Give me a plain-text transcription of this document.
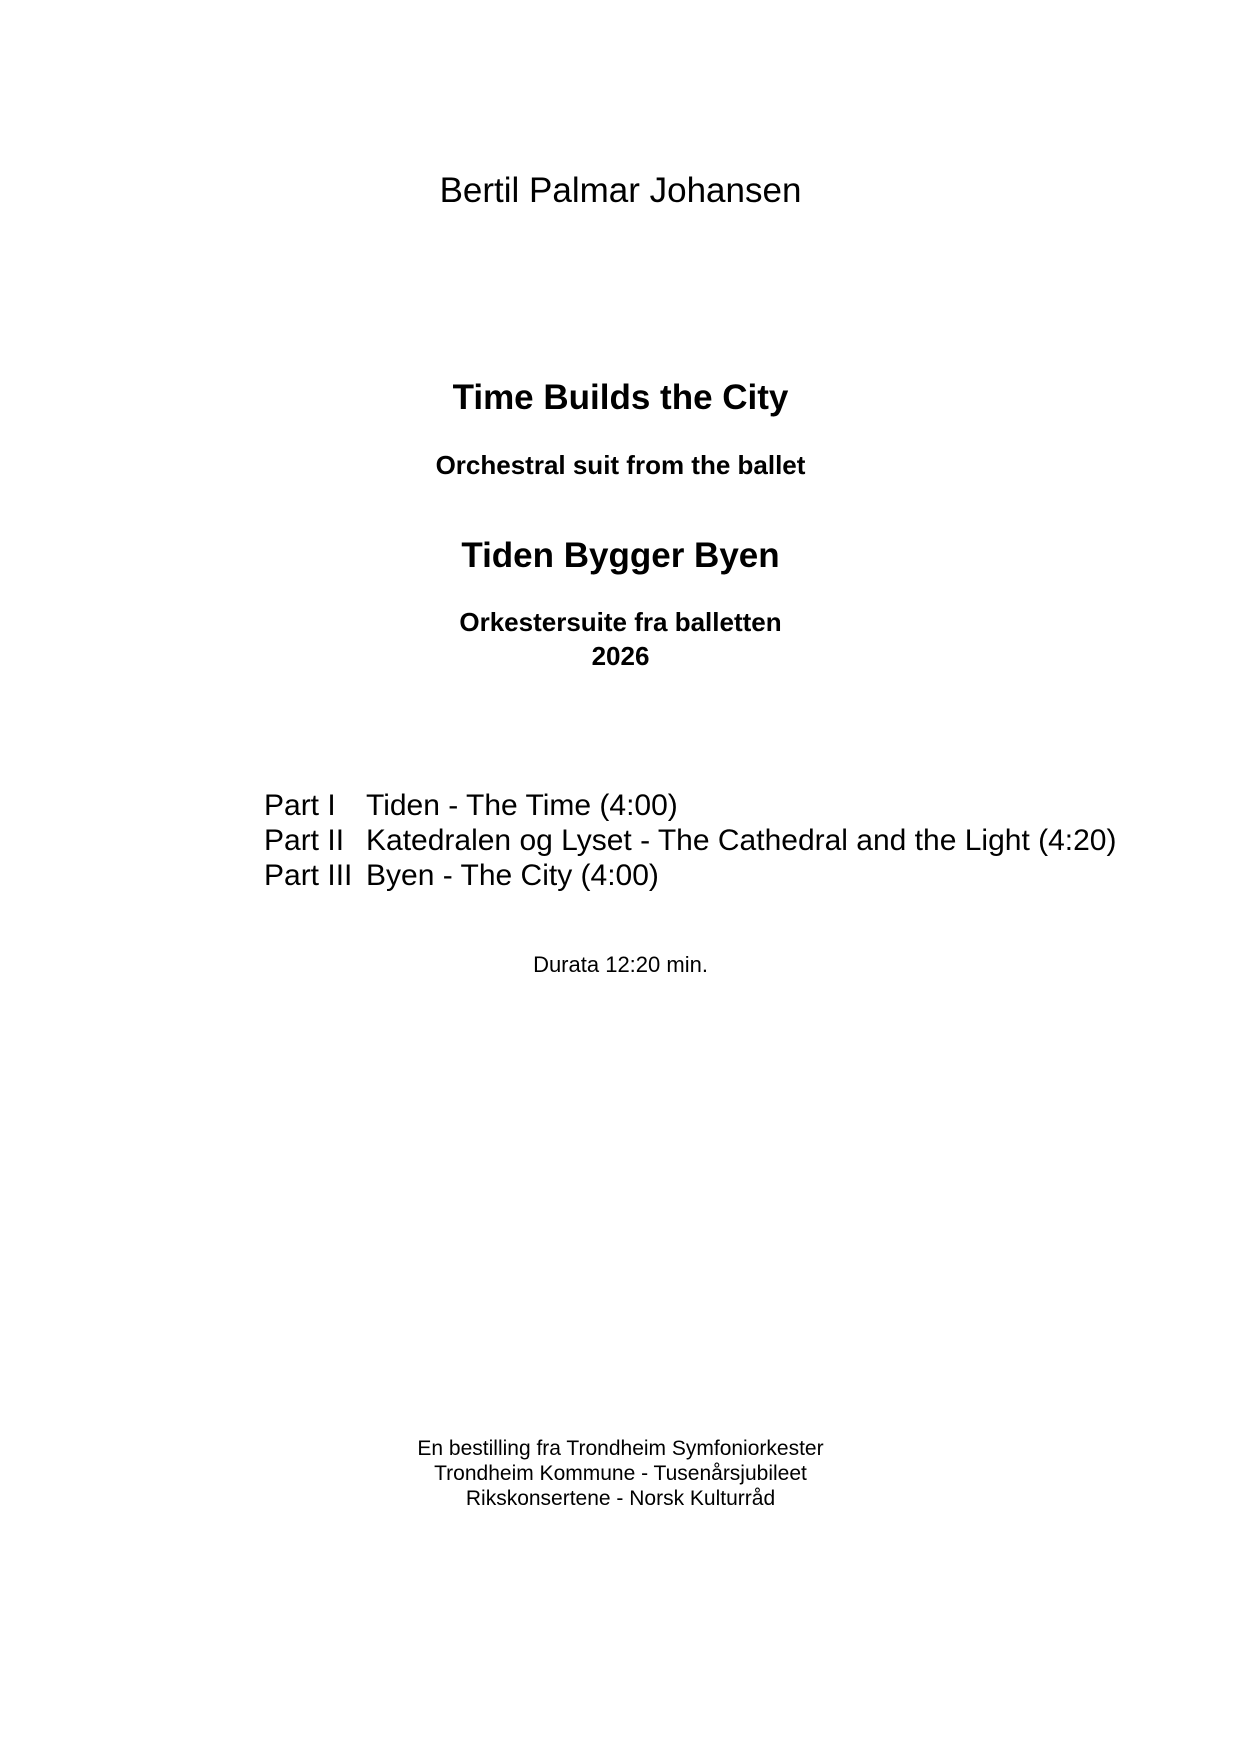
Bertil Palmar Johansen
Time Builds the City
Orchestral suit from the ballet
Tiden Bygger Byen
Orkestersuite fra balletten
2026
Part I	Tiden - The Time (4:00)
Part II Katedralen og Lyset - The Cathedral and the Light (4:20)
Part III Byen - The City (4:00)
Durata 12:20 min.
En bestilling fra Trondheim Symfoniorkester
Trondheim Kommune - Tusenårsjubileet
Rikskonsertene - Norsk Kulturråd
